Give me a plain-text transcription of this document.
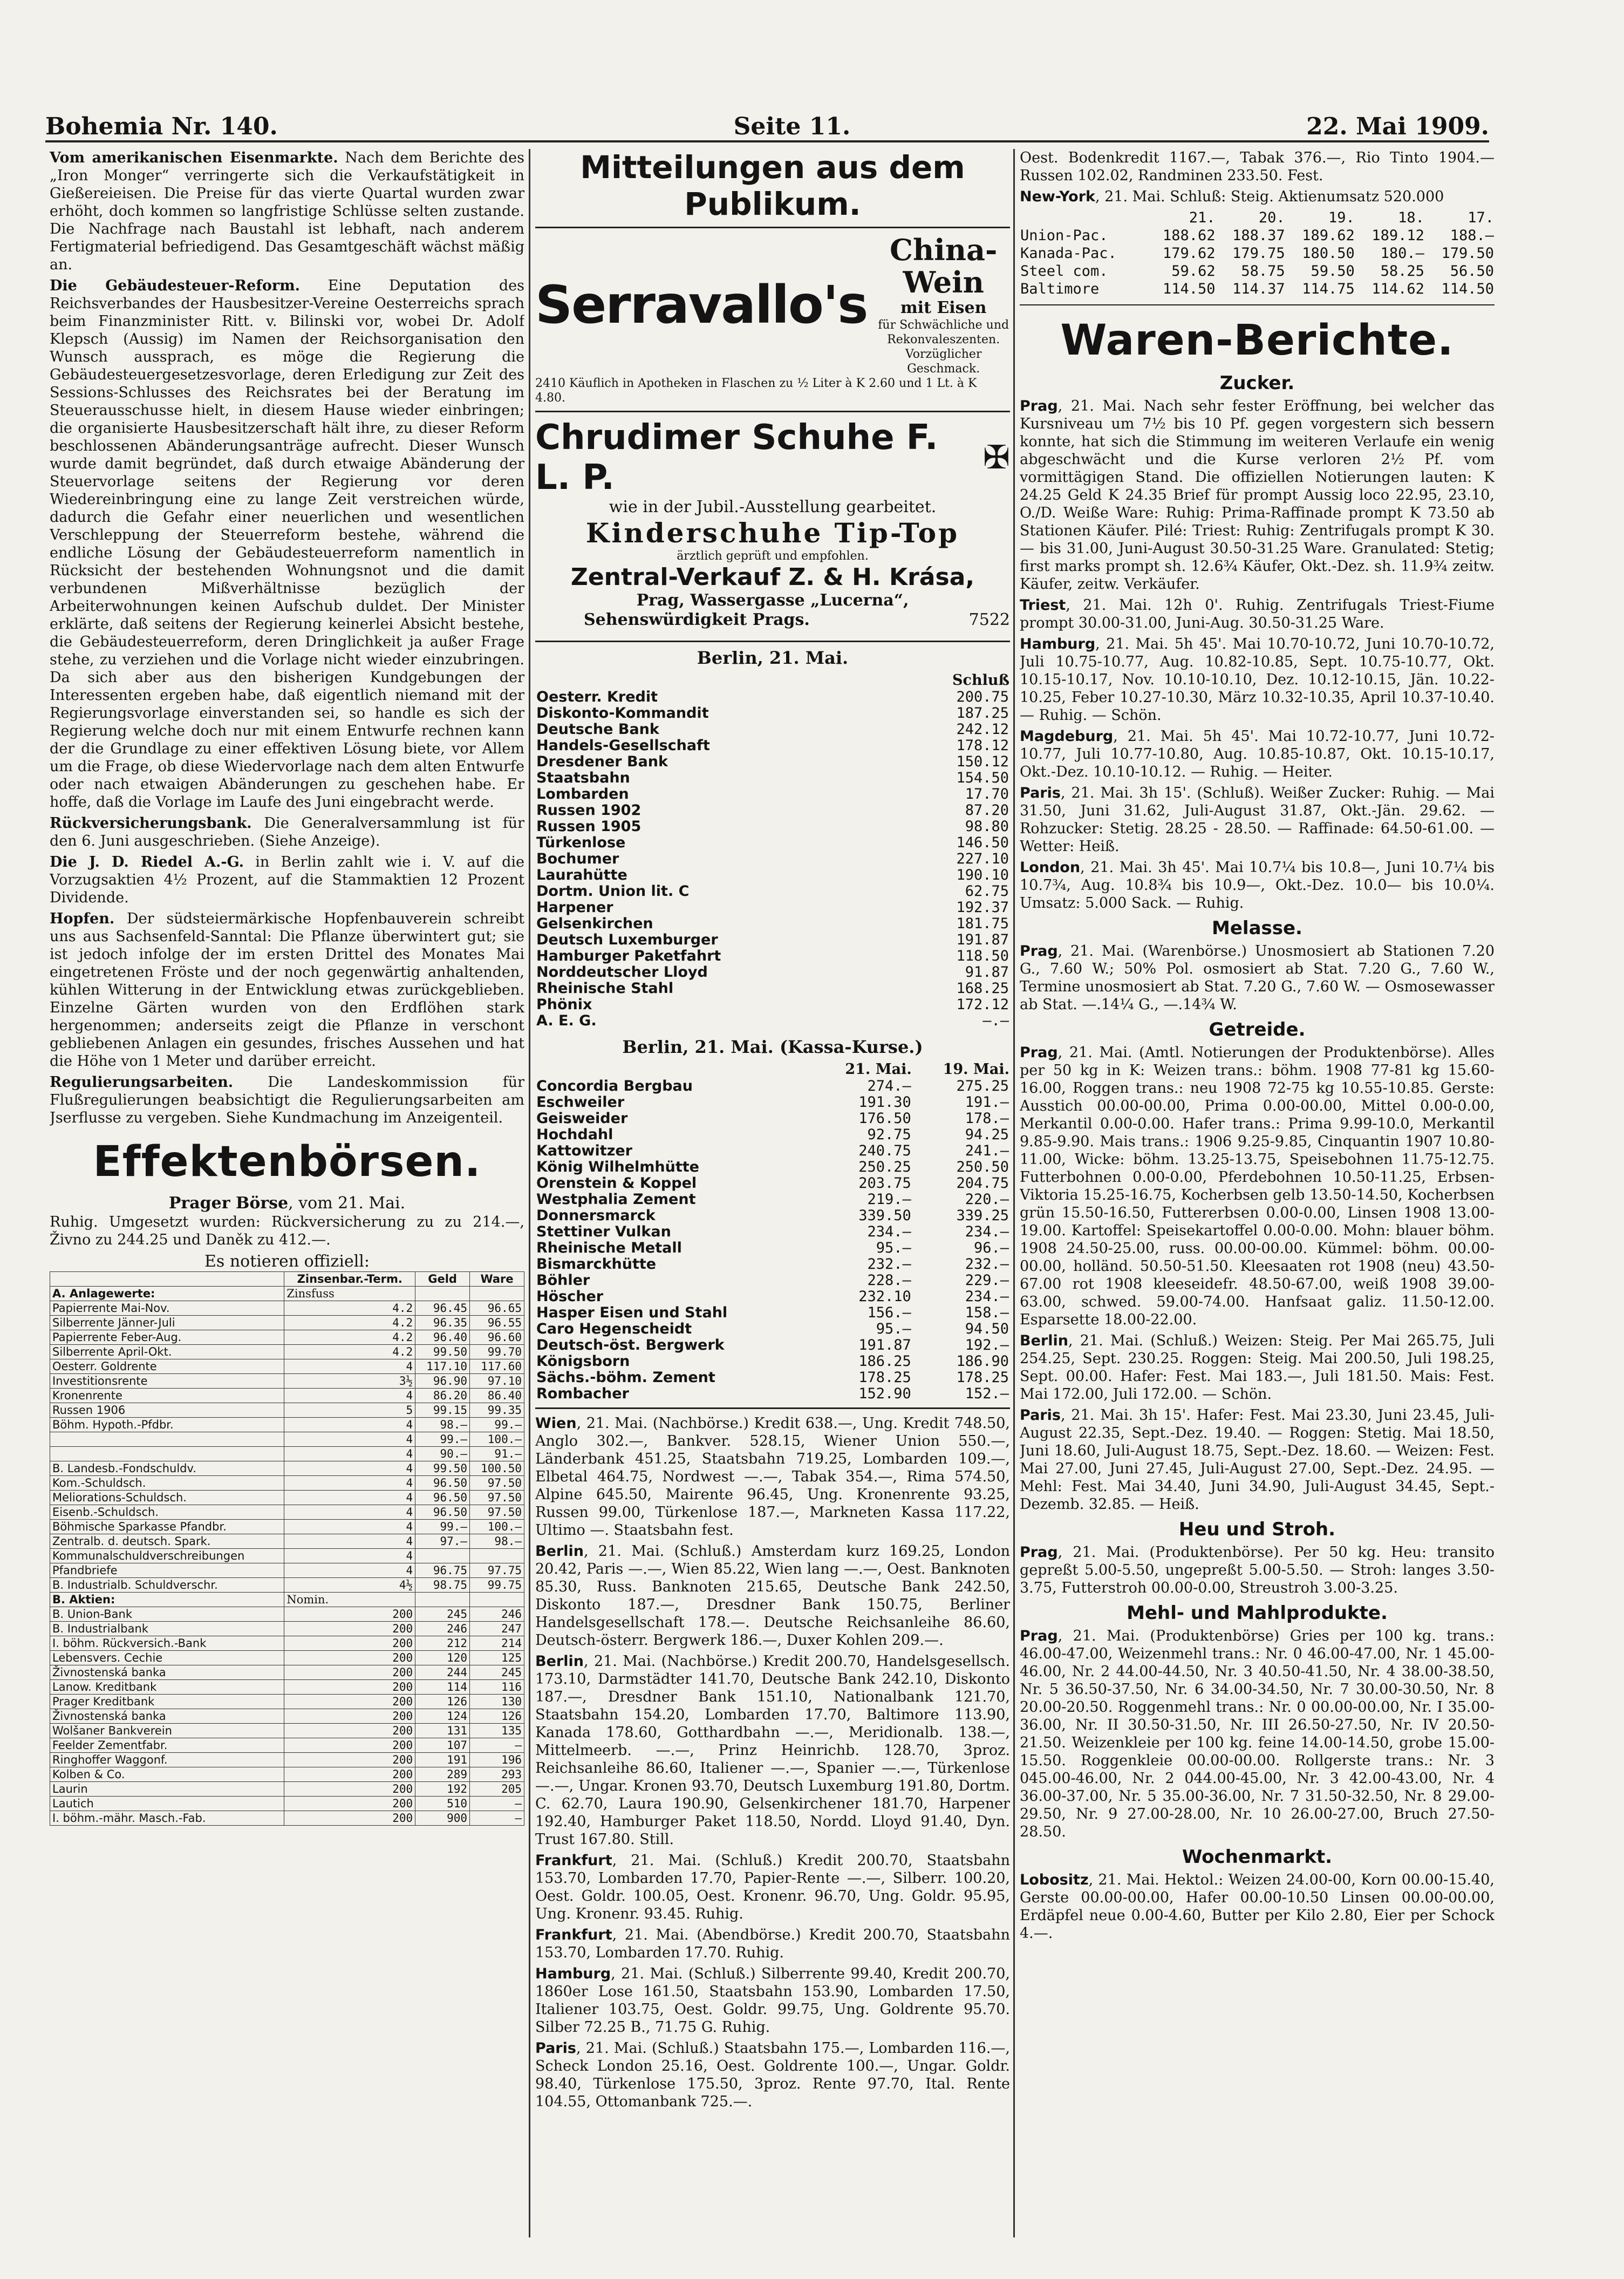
Bohemia Nr. 140.	Seite 11.	22. Mai 1909.

Vom amerikanischen Eisenmarkte. Nach dem Berichte des „Iron Monger“ verringerte sich die Verkaufstätigkeit in Gießereieisen. Die Preise für das vierte Quartal wurden zwar erhöht, doch kommen so langfristige Schlüsse selten zustande. Die Nachfrage nach Baustahl ist lebhaft, nach anderem Fertigmaterial befriedigend. Das Gesamtgeschäft wächst mäßig an.

Die Gebäudesteuer-Reform. Eine Deputation des Reichsverbandes der Hausbesitzer-Vereine Oesterreichs sprach beim Finanzminister Ritt. v. Bilinski vor, wobei Dr. Adolf Klepsch (Aussig) im Namen der Reichsorganisation den Wunsch aussprach, es möge die Regierung die Gebäudesteuergesetzesvorlage, deren Erledigung zur Zeit des Sessions-Schlusses des Reichsrates bei der Beratung im Steuerausschusse hielt, in diesem Hause wieder einbringen; die organisierte Hausbesitzerschaft hält ihre, zu dieser Reform beschlossenen Abänderungsanträge aufrecht. Dieser Wunsch wurde damit begründet, daß durch etwaige Abänderung der Steuervorlage seitens der Regierung vor deren Wiedereinbringung eine zu lange Zeit verstreichen würde, dadurch die Gefahr einer neuerlichen und wesentlichen Verschleppung der Steuerreform bestehe, während die endliche Lösung der Gebäudesteuerreform namentlich in Rücksicht der bestehenden Wohnungsnot und die damit verbundenen Mißverhältnisse bezüglich der Arbeiterwohnungen keinen Aufschub duldet. Der Minister erklärte, daß seitens der Regierung keinerlei Absicht bestehe, die Gebäudesteuerreform, deren Dringlichkeit ja außer Frage stehe, zu verziehen und die Vorlage nicht wieder einzubringen. Da sich aber aus den bisherigen Kundgebungen der Interessenten ergeben habe, daß eigentlich niemand mit der Regierungsvorlage einverstanden sei, so handle es sich der Regierung welche doch nur mit einem Entwurfe rechnen kann der die Grundlage zu einer effektiven Lösung biete, vor Allem um die Frage, ob diese Wiedervorlage nach dem alten Entwurfe oder nach etwaigen Abänderungen zu geschehen habe. Er hoffe, daß die Vorlage im Laufe des Juni eingebracht werde.

Rückversicherungsbank. Die Generalversammlung ist für den 6. Juni ausgeschrieben. (Siehe Anzeige).

Die J. D. Riedel A.-G. in Berlin zahlt wie i. V. auf die Vorzugsaktien 4½ Prozent, auf die Stammaktien 12 Prozent Dividende.

Hopfen. Der südsteiermärkische Hopfenbauverein schreibt uns aus Sachsenfeld-Sanntal: Die Pflanze überwintert gut; sie ist jedoch infolge der im ersten Drittel des Monates Mai eingetretenen Fröste und der noch gegenwärtig anhaltenden, kühlen Witterung in der Entwicklung etwas zurückgeblieben. Einzelne Gärten wurden von den Erdflöhen stark hergenommen; anderseits zeigt die Pflanze in verschont gebliebenen Anlagen ein gesundes, frisches Aussehen und hat die Höhe von 1 Meter und darüber erreicht.

Regulierungsarbeiten. Die Landeskommission für Flußregulierungen beabsichtigt die Regulierungsarbeiten am Jserflusse zu vergeben. Siehe Kundmachung im Anzeigenteil.

Effektenbörsen.
Prager Börse, vom 21. Mai.

Ruhig. Umgesetzt wurden: Rückversicherung zu zu 214.—, Živno zu 244.25 und Daněk zu 412.—.

Es notieren offiziell:
	Zinsenbar.-Term.	Geld	Ware
A. Anlagewerte:	Zinsfuss		
Papierrente Mai-Nov.	4.2	96.45	96.65
Silberrente Jänner-Juli	4.2	96.35	96.55
Papierrente Feber-Aug.	4.2	96.40	96.60
Silberrente April-Okt.	4.2	99.50	99.70
Oesterr. Goldrente	4	117.10	117.60
Investitionsrente	3½	96.90	97.10
Kronenrente	4	86.20	86.40
Russen 1906	5	99.15	99.35
Böhm. Hypoth.-Pfdbr.	4	98.—	99.—
	4	99.—	100.—
	4	90.—	91.—
B. Landesb.-Fondschuldv.	4	99.50	100.50
Kom.-Schuldsch.	4	96.50	97.50
Meliorations-Schuldsch.	4	96.50	97.50
Eisenb.-Schuldsch.	4	96.50	97.50
Böhmische Sparkasse Pfandbr.	4	99.—	100.—
Zentralb. d. deutsch. Spark.	4	97.—	98.—
Kommunalschuldverschreibungen	4		
Pfandbriefe	4	96.75	97.75
B. Industrialb. Schuldverschr.	4½	98.75	99.75
B. Aktien:	Nomin.		
B. Union-Bank	200	245	246
B. Industrialbank	200	246	247
I. böhm. Rückversich.-Bank	200	212	214
Lebensvers. Cechie	200	120	125
Živnostenská banka	200	244	245
Lanow. Kreditbank	200	114	116
Prager Kreditbank	200	126	130
Živnostenská banka	200	124	126
Wolšaner Bankverein	200	131	135
Feelder Zementfabr.	200	107	—
Ringhoffer Waggonf.	200	191	196
Kolben & Co.	200	289	293
Laurin	200	192	205
Lautich	200	510	—
I. böhm.-mähr. Masch.-Fab.	200	900	—
Mitteilungen aus dem Publikum.
Serravallo's
China-Wein
mit Eisen
für Schwächliche und Rekonvaleszenten.
Vorzüglicher Geschmack.
2410 Käuflich in Apotheken in Flaschen zu ½ Liter à K 2.60 und 1 Lt. à K 4.80.
Chrudimer Schuhe F. L. P.	✠
wie in der Jubil.-Ausstellung gearbeitet.
Kinderschuhe Tip-Top
ärztlich geprüft und empfohlen.
Zentral-Verkauf Z. & H. Krása,
Prag, Wassergasse „Lucerna“,
Sehenswürdigkeit Prags.	7522
Berlin, 21. Mai.
	Schluß
Oesterr. Kredit	200.75
Diskonto-Kommandit	187.25
Deutsche Bank	242.12
Handels-Gesellschaft	178.12
Dresdener Bank	150.12
Staatsbahn	154.50
Lombarden	17.70
Russen 1902	87.20
Russen 1905	98.80
Türkenlose	146.50
Bochumer	227.10
Laurahütte	190.10
Dortm. Union lit. C	62.75
Harpener	192.37
Gelsenkirchen	181.75
Deutsch Luxemburger	191.87
Hamburger Paketfahrt	118.50
Norddeutscher Lloyd	91.87
Rheinische Stahl	168.25
Phönix	172.12
A. E. G.	—.—
Berlin, 21. Mai. (Kassa-Kurse.)
	21. Mai.	19. Mai.
Concordia Bergbau	274.—	275.25
Eschweiler	191.30	191.—
Geisweider	176.50	178.—
Hochdahl	92.75	94.25
Kattowitzer	240.75	241.—
König Wilhelmhütte	250.25	250.50
Orenstein & Koppel	203.75	204.75
Westphalia Zement	219.—	220.—
Donnersmarck	339.50	339.25
Stettiner Vulkan	234.—	234.—
Rheinische Metall	95.—	96.—
Bismarckhütte	232.—	232.—
Böhler	228.—	229.—
Höscher	232.10	234.—
Hasper Eisen und Stahl	156.—	158.—
Caro Hegenscheidt	95.—	94.50
Deutsch-öst. Bergwerk	191.87	192.—
Königsborn	186.25	186.90
Sächs.-böhm. Zement	178.25	178.25
Rombacher	152.90	152.—

Wien, 21. Mai. (Nachbörse.) Kredit 638.—, Ung. Kredit 748.50, Anglo 302.—, Bankver. 528.15, Wiener Union 550.—, Länderbank 451.25, Staatsbahn 719.25, Lombarden 109.—, Elbetal 464.75, Nordwest —.—, Tabak 354.—, Rima 574.50, Alpine 645.50, Mairente 96.45, Ung. Kronenrente 93.25, Russen 99.00, Türkenlose 187.—, Markneten Kassa 117.22, Ultimo —. Staatsbahn fest.

Berlin, 21. Mai. (Schluß.) Amsterdam kurz 169.25, London 20.42, Paris —.—, Wien 85.22, Wien lang —.—, Oest. Banknoten 85.30, Russ. Banknoten 215.65, Deutsche Bank 242.50, Diskonto 187.—, Dresdner Bank 150.75, Berliner Handelsgesellschaft 178.—. Deutsche Reichsanleihe 86.60, Deutsch-österr. Bergwerk 186.—, Duxer Kohlen 209.—.

Berlin, 21. Mai. (Nachbörse.) Kredit 200.70, Handelsgesellsch. 173.10, Darmstädter 141.70, Deutsche Bank 242.10, Diskonto 187.—, Dresdner Bank 151.10, Nationalbank 121.70, Staatsbahn 154.20, Lombarden 17.70, Baltimore 113.90, Kanada 178.60, Gotthardbahn —.—, Meridionalb. 138.—, Mittelmeerb. —.—, Prinz Heinrichb. 128.70, 3proz. Reichsanleihe 86.60, Italiener —.—, Spanier —.—, Türkenlose —.—, Ungar. Kronen 93.70, Deutsch Luxemburg 191.80, Dortm. C. 62.70, Laura 190.90, Gelsenkirchener 181.70, Harpener 192.40, Hamburger Paket 118.50, Nordd. Lloyd 91.40, Dyn. Trust 167.80. Still.

Frankfurt, 21. Mai. (Schluß.) Kredit 200.70, Staatsbahn 153.70, Lombarden 17.70, Papier-Rente —.—, Silberr. 100.20, Oest. Goldr. 100.05, Oest. Kronenr. 96.70, Ung. Goldr. 95.95, Ung. Kronenr. 93.45. Ruhig.

Frankfurt, 21. Mai. (Abendbörse.) Kredit 200.70, Staatsbahn 153.70, Lombarden 17.70. Ruhig.

Hamburg, 21. Mai. (Schluß.) Silberrente 99.40, Kredit 200.70, 1860er Lose 161.50, Staatsbahn 153.90, Lombarden 17.50, Italiener 103.75, Oest. Goldr. 99.75, Ung. Goldrente 95.70. Silber 72.25 B., 71.75 G. Ruhig.

Paris, 21. Mai. (Schluß.) Staatsbahn 175.—, Lombarden 116.—, Scheck London 25.16, Oest. Goldrente 100.—, Ungar. Goldr. 98.40, Türkenlose 175.50, 3proz. Rente 97.70, Ital. Rente 104.55, Ottomanbank 725.—.

Oest. Bodenkredit 1167.—, Tabak 376.—, Rio Tinto 1904.— Russen 102.02, Randminen 233.50. Fest.

New-York, 21. Mai. Schluß: Steig. Aktienumsatz 520.000

	21.	20.	19.	18.	17.
Union-Pac.	188.62	188.37	189.62	189.12	188.—
Kanada-Pac.	179.62	179.75	180.50	180.—	179.50
Steel com.	59.62	58.75	59.50	58.25	56.50
Baltimore	114.50	114.37	114.75	114.62	114.50
Waren-Berichte.
Zucker.

Prag, 21. Mai. Nach sehr fester Eröffnung, bei welcher das Kursniveau um 7½ bis 10 Pf. gegen vorgestern sich bessern konnte, hat sich die Stimmung im weiteren Verlaufe ein wenig abgeschwächt und die Kurse verloren 2½ Pf. vom vormittägigen Stand. Die offiziellen Notierungen lauten: K 24.25 Geld K 24.35 Brief für prompt Aussig loco 22.95, 23.10, O./D. Weiße Ware: Ruhig: Prima-Raffinade prompt K 73.50 ab Stationen Käufer. Pilé: Triest: Ruhig: Zentrifugals prompt K 30.— bis 31.00, Juni-August 30.50-31.25 Ware. Granulated: Stetig; first marks prompt sh. 12.6¾ Käufer, Okt.-Dez. sh. 11.9¾ zeitw. Käufer, zeitw. Verkäufer.

Triest, 21. Mai. 12h 0'. Ruhig. Zentrifugals Triest-Fiume prompt 30.00-31.00, Juni-Aug. 30.50-31.25 Ware.

Hamburg, 21. Mai. 5h 45'. Mai 10.70-10.72, Juni 10.70-10.72, Juli 10.75-10.77, Aug. 10.82-10.85, Sept. 10.75-10.77, Okt. 10.15-10.17, Nov. 10.10-10.10, Dez. 10.12-10.15, Jän. 10.22-10.25, Feber 10.27-10.30, März 10.32-10.35, April 10.37-10.40. — Ruhig. — Schön.

Magdeburg, 21. Mai. 5h 45'. Mai 10.72-10.77, Juni 10.72-10.77, Juli 10.77-10.80, Aug. 10.85-10.87, Okt. 10.15-10.17, Okt.-Dez. 10.10-10.12. — Ruhig. — Heiter.

Paris, 21. Mai. 3h 15'. (Schluß). Weißer Zucker: Ruhig. — Mai 31.50, Juni 31.62, Juli-August 31.87, Okt.-Jän. 29.62. — Rohzucker: Stetig. 28.25 - 28.50. — Raffinade: 64.50-61.00. — Wetter: Heiß.

London, 21. Mai. 3h 45'. Mai 10.7¼ bis 10.8—, Juni 10.7¼ bis 10.7¾, Aug. 10.8¾ bis 10.9—, Okt.-Dez. 10.0— bis 10.0¼. Umsatz: 5.000 Sack. — Ruhig.

Melasse.

Prag, 21. Mai. (Warenbörse.) Unosmosiert ab Stationen 7.20 G., 7.60 W.; 50% Pol. osmosiert ab Stat. 7.20 G., 7.60 W., Termine unosmosiert ab Stat. 7.20 G., 7.60 W. — Osmosewasser ab Stat. —.14¼ G., —.14¾ W.

Getreide.

Prag, 21. Mai. (Amtl. Notierungen der Produktenbörse). Alles per 50 kg in K: Weizen trans.: böhm. 1908 77-81 kg 15.60-16.00, Roggen trans.: neu 1908 72-75 kg 10.55-10.85. Gerste: Ausstich 00.00-00.00, Prima 0.00-00.00, Mittel 0.00-0.00, Merkantil 0.00-0.00. Hafer trans.: Prima 9.99-10.0, Merkantil 9.85-9.90. Mais trans.: 1906 9.25-9.85, Cinquantin 1907 10.80-11.00, Wicke: böhm. 13.25-13.75, Speisebohnen 11.75-12.75. Futterbohnen 0.00-0.00, Pferdebohnen 10.50-11.25, Erbsen-Viktoria 15.25-16.75, Kocherbsen gelb 13.50-14.50, Kocherbsen grün 15.50-16.50, Futtererbsen 0.00-0.00, Linsen 1908 13.00-19.00. Kartoffel: Speisekartoffel 0.00-0.00. Mohn: blauer böhm. 1908 24.50-25.00, russ. 00.00-00.00. Kümmel: böhm. 00.00-00.00, holländ. 50.50-51.50. Kleesaaten rot 1908 (neu) 43.50-67.00 rot 1908 kleeseidefr. 48.50-67.00, weiß 1908 39.00-63.00, schwed. 59.00-74.00. Hanfsaat galiz. 11.50-12.00. Esparsette 18.00-22.00.

Berlin, 21. Mai. (Schluß.) Weizen: Steig. Per Mai 265.75, Juli 254.25, Sept. 230.25. Roggen: Steig. Mai 200.50, Juli 198.25, Sept. 00.00. Hafer: Fest. Mai 183.—, Juli 181.50. Mais: Fest. Mai 172.00, Juli 172.00. — Schön.

Paris, 21. Mai. 3h 15'. Hafer: Fest. Mai 23.30, Juni 23.45, Juli-August 22.35, Sept.-Dez. 19.40. — Roggen: Stetig. Mai 18.50, Juni 18.60, Juli-August 18.75, Sept.-Dez. 18.60. — Weizen: Fest. Mai 27.00, Juni 27.45, Juli-August 27.00, Sept.-Dez. 24.95. — Mehl: Fest. Mai 34.40, Juni 34.90, Juli-August 34.45, Sept.-Dezemb. 32.85. — Heiß.

Heu und Stroh.

Prag, 21. Mai. (Produktenbörse). Per 50 kg. Heu: transito gepreßt 5.00-5.50, ungepreßt 5.00-5.50. — Stroh: langes 3.50-3.75, Futterstroh 00.00-0.00, Streustroh 3.00-3.25.

Mehl- und Mahlprodukte.

Prag, 21. Mai. (Produktenbörse) Gries per 100 kg. trans.: 46.00-47.00, Weizenmehl trans.: Nr. 0 46.00-47.00, Nr. 1 45.00-46.00, Nr. 2 44.00-44.50, Nr. 3 40.50-41.50, Nr. 4 38.00-38.50, Nr. 5 36.50-37.50, Nr. 6 34.00-34.50, Nr. 7 30.00-30.50, Nr. 8 20.00-20.50. Roggenmehl trans.: Nr. 0 00.00-00.00, Nr. I 35.00-36.00, Nr. II 30.50-31.50, Nr. III 26.50-27.50, Nr. IV 20.50-21.50. Weizenkleie per 100 kg. feine 14.00-14.50, grobe 15.00-15.50. Roggenkleie 00.00-00.00. Rollgerste trans.: Nr. 3 045.00-46.00, Nr. 2 044.00-45.00, Nr. 3 42.00-43.00, Nr. 4 36.00-37.00, Nr. 5 35.00-36.00, Nr. 7 31.50-32.50, Nr. 8 29.00-29.50, Nr. 9 27.00-28.00, Nr. 10 26.00-27.00, Bruch 27.50-28.50.

Wochenmarkt.

Lobositz, 21. Mai. Hektol.: Weizen 24.00-00, Korn 00.00-15.40, Gerste 00.00-00.00, Hafer 00.00-10.50 Linsen 00.00-00.00, Erdäpfel neue 0.00-4.60, Butter per Kilo 2.80, Eier per Schock 4.—.
